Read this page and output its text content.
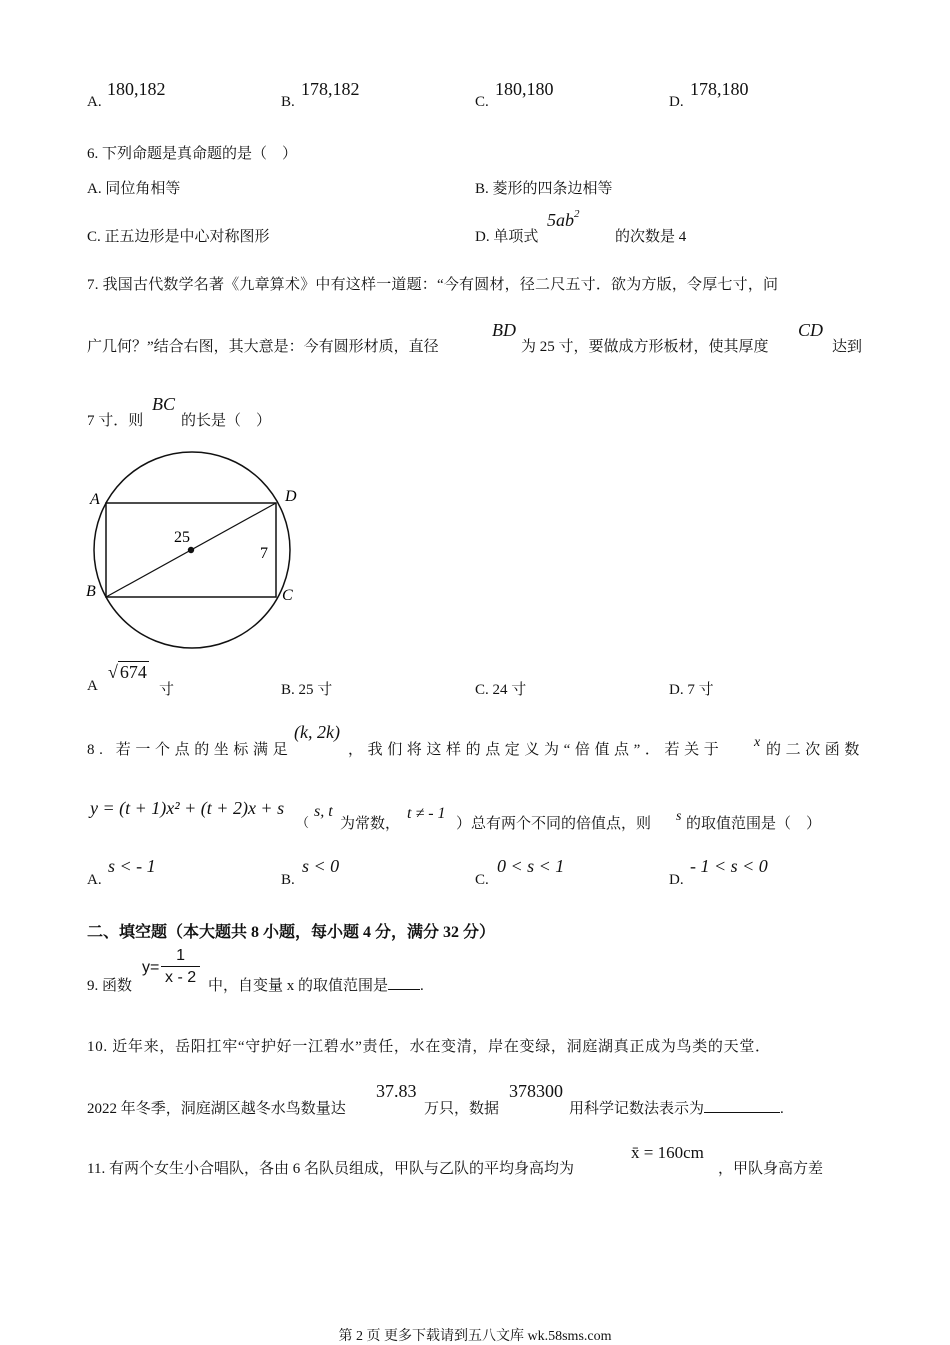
A.
180,182
B.
178,182
C.
180,180
D.
178,180
6. 下列命题是真命题的是（　）
A. 同位角相等	B. 菱形的四条边相等
C. 正五边形是中心对称图形	D. 单项式
$5ab^2$
的次数是 4
7. 我国古代数学名著《九章算术》中有这样一道题：“今有圆材，径二尺五寸．欲为方版，令厚七寸，问
广几何？”结合右图，其大意是：今有圆形材质，直径
BD
为 25 寸，要做成方形板材，使其厚度
CD
达到
7 寸．则
BC
的长是（　）
A
B	C
D
25
7
A
√ 674
寸	B. 25 寸	C. 24 寸	D. 7 寸
8. 若一个点的坐标满足
(k, 2k)
，我们将这样的点定义为“倍值点”．若关于 x 的二次函数
y = (t + 1)x² + (t + 2)x + s
（
s, t
为常数，
t ≠ - 1
）总有两个不同的倍值点，则 s 的取值范围是（　）
A.
s < - 1
B.
s < 0
C.
0 < s < 1
D.
- 1 < s < 0
二、填空题（本大题共 8 小题，每小题 4 分，满分 32 分）
9. 函数
$y= \frac{1}{x - 2}$ 中，自变量 x 的取值范围是 .
10. 近年来，岳阳扛牢“守护好一江碧水”责任，水在变清，岸在变绿，洞庭湖真正成为鸟类的天堂．
2022 年冬季，洞庭湖区越冬水鸟数量达
37.83
万只，数据
378300
用科学记数法表示为	.
11. 有两个女生小合唱队，各由 6 名队员组成，甲队与乙队的平均身高均为
x̄ = 160cm
，甲队身高方差
第 2 页 更多下载请到五八文库 wk.58sms.com
